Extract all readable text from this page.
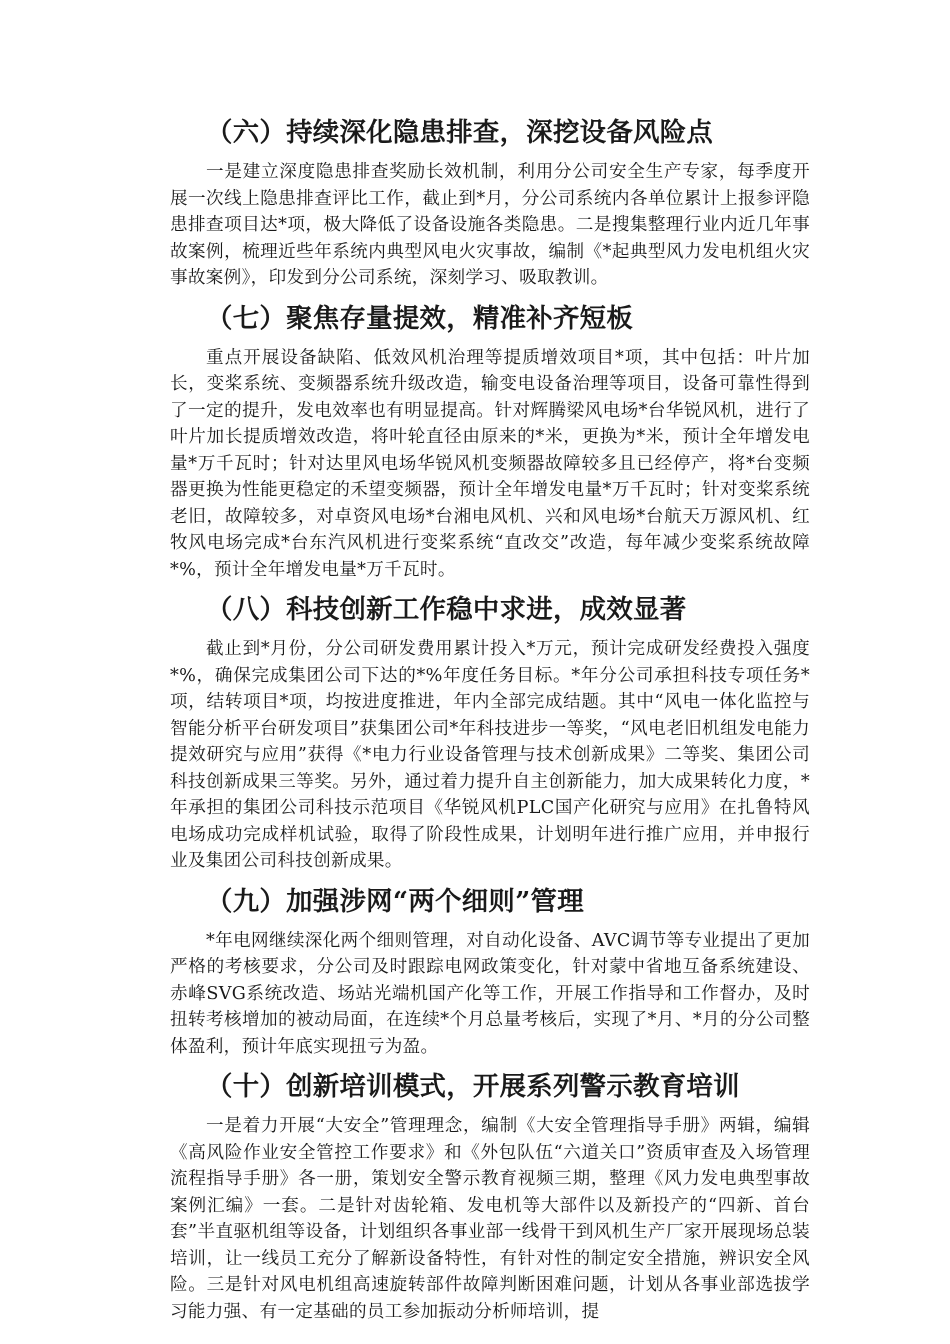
（六）持续深化隐患排查，深挖设备风险点

一是建立深度隐患排查奖励长效机制，利用分公司安全生产专家，每季度开展一次线上隐患排查评比工作，截止到*月，分公司系统内各单位累计上报参评隐患排查项目达*项，极大降低了设备设施各类隐患。二是搜集整理行业内近几年事故案例，梳理近些年系统内典型风电火灾事故，编制《*起典型风力发电机组火灾事故案例》，印发到分公司系统，深刻学习、吸取教训。

（七）聚焦存量提效，精准补齐短板

重点开展设备缺陷、低效风机治理等提质增效项目*项，其中包括：叶片加长，变桨系统、变频器系统升级改造，输变电设备治理等项目，设备可靠性得到了一定的提升，发电效率也有明显提高。针对辉腾梁风电场*台华锐风机，进行了叶片加长提质增效改造，将叶轮直径由原来的*米，更换为*米，预计全年增发电量*万千瓦时；针对达里风电场华锐风机变频器故障较多且已经停产，将*台变频器更换为性能更稳定的禾望变频器，预计全年增发电量*万千瓦时；针对变桨系统老旧，故障较多，对卓资风电场*台湘电风机、兴和风电场*台航天万源风机、红牧风电场完成*台东汽风机进行变桨系统“直改交”改造，每年减少变桨系统故障*%，预计全年增发电量*万千瓦时。

（八）科技创新工作稳中求进，成效显著

截止到*月份，分公司研发费用累计投入*万元，预计完成研发经费投入强度*%，确保完成集团公司下达的*%年度任务目标。*年分公司承担科技专项任务*项，结转项目*项，均按进度推进，年内全部完成结题。其中“风电一体化监控与智能分析平台研发项目”获集团公司*年科技进步一等奖，“风电老旧机组发电能力提效研究与应用”获得《*电力行业设备管理与技术创新成果》二等奖、集团公司科技创新成果三等奖。另外，通过着力提升自主创新能力，加大成果转化力度，*年承担的集团公司科技示范项目《华锐风机PLC国产化研究与应用》在扎鲁特风电场成功完成样机试验，取得了阶段性成果，计划明年进行推广应用，并申报行业及集团公司科技创新成果。

（九）加强涉网“两个细则”管理

*年电网继续深化两个细则管理，对自动化设备、AVC调节等专业提出了更加严格的考核要求，分公司及时跟踪电网政策变化，针对蒙中省地互备系统建设、赤峰SVG系统改造、场站光端机国产化等工作，开展工作指导和工作督办，及时扭转考核增加的被动局面，在连续*个月总量考核后，实现了*月、*月的分公司整体盈利，预计年底实现扭亏为盈。

（十）创新培训模式，开展系列警示教育培训

一是着力开展“大安全”管理理念，编制《大安全管理指导手册》两辑，编辑《高风险作业安全管控工作要求》和《外包队伍“六道关口”资质审查及入场管理流程指导手册》各一册，策划安全警示教育视频三期，整理《风力发电典型事故案例汇编》一套。二是针对齿轮箱、发电机等大部件以及新投产的“四新、首台套”半直驱机组等设备，计划组织各事业部一线骨干到风机生产厂家开展现场总装培训，让一线员工充分了解新设备特性，有针对性的制定安全措施，辨识安全风险。三是针对风电机组高速旋转部件故障判断困难问题，计划从各事业部选拔学习能力强、有一定基础的员工参加振动分析师培训，提
